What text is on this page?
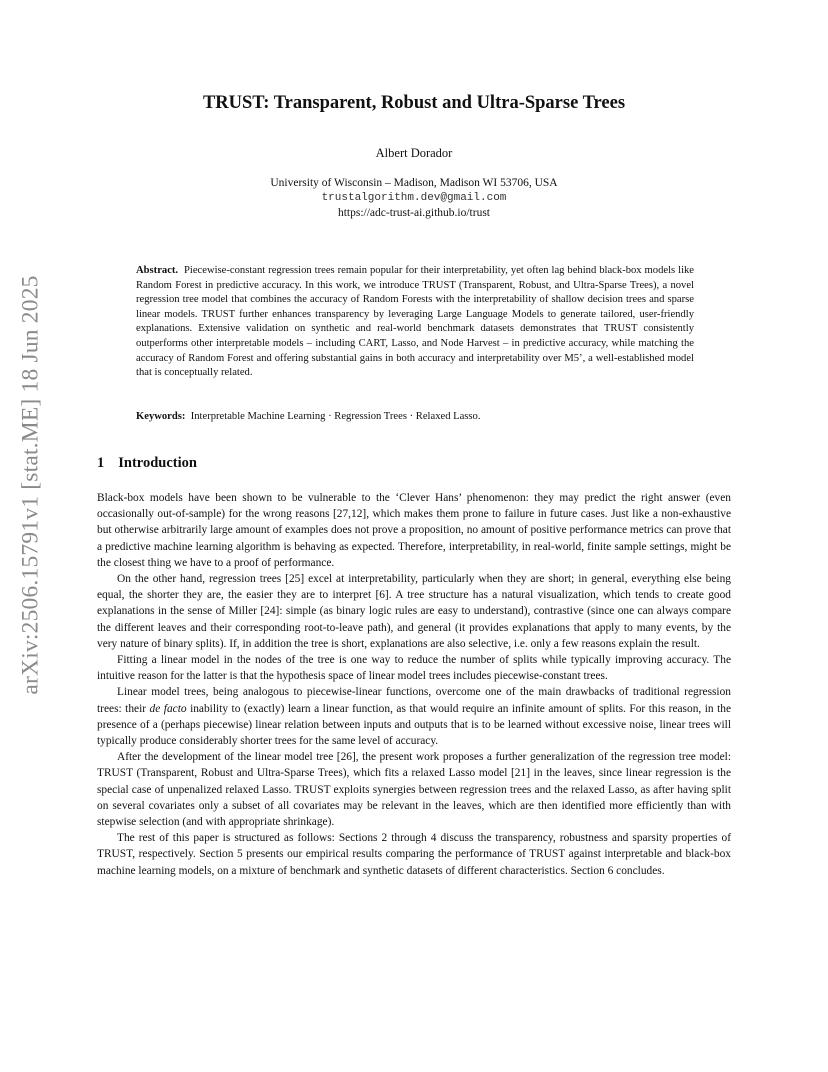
arXiv:2506.15791v1 [stat.ME] 18 Jun 2025
TRUST: Transparent, Robust and Ultra-Sparse Trees
Albert Dorador
University of Wisconsin – Madison, Madison WI 53706, USA
trustalgorithm.dev@gmail.com
https://adc-trust-ai.github.io/trust

Abstract. Piecewise-constant regression trees remain popular for their interpretability, yet often lag behind black-box models like Random Forest in predictive accuracy. In this work, we introduce TRUST (Transparent, Robust, and Ultra-Sparse Trees), a novel regression tree model that combines the accuracy of Random Forests with the interpretability of shallow decision trees and sparse linear models. TRUST further enhances transparency by leveraging Large Language Models to generate tailored, user-friendly explanations. Extensive validation on synthetic and real-world benchmark datasets demonstrates that TRUST consistently outperforms other interpretable models – including CART, Lasso, and Node Harvest – in predictive accuracy, while matching the accuracy of Random Forest and offering substantial gains in both accuracy and interpretability over M5’, a well-established model that is conceptually related.

Keywords: Interpretable Machine Learning · Regression Trees · Relaxed Lasso.

1 Introduction

Black-box models have been shown to be vulnerable to the ‘Clever Hans’ phenomenon: they may predict the right answer (even occasionally out-of-sample) for the wrong reasons [27,12], which makes them prone to failure in future cases. Just like a non-exhaustive but otherwise arbitrarily large amount of examples does not prove a proposition, no amount of positive performance metrics can prove that a predictive machine learning algorithm is behaving as expected. Therefore, interpretability, in real-world, finite sample settings, might be the closest thing we have to a proof of performance.

On the other hand, regression trees [25] excel at interpretability, particularly when they are short; in general, everything else being equal, the shorter they are, the easier they are to interpret [6]. A tree structure has a natural visualization, which tends to create good explanations in the sense of Miller [24]: simple (as binary logic rules are easy to understand), contrastive (since one can always compare the different leaves and their corresponding root-to-leave path), and general (it provides explanations that apply to many events, by the very nature of binary splits). If, in addition the tree is short, explanations are also selective, i.e. only a few reasons explain the result.

Fitting a linear model in the nodes of the tree is one way to reduce the number of splits while typically improving accuracy. The intuitive reason for the latter is that the hypothesis space of linear model trees includes piecewise-constant trees.

Linear model trees, being analogous to piecewise-linear functions, overcome one of the main drawbacks of traditional regression trees: their de facto inability to (exactly) learn a linear function, as that would require an infinite amount of splits. For this reason, in the presence of a (perhaps piecewise) linear relation between inputs and outputs that is to be learned without excessive noise, linear trees will typically produce considerably shorter trees for the same level of accuracy.

After the development of the linear model tree [26], the present work proposes a further generalization of the regression tree model: TRUST (Transparent, Robust and Ultra-Sparse Trees), which fits a relaxed Lasso model [21] in the leaves, since linear regression is the special case of unpenalized relaxed Lasso. TRUST exploits synergies between regression trees and the relaxed Lasso, as after having split on several covariates only a subset of all covariates may be relevant in the leaves, which are then identified more efficiently than with stepwise selection (and with appropriate shrinkage).

The rest of this paper is structured as follows: Sections 2 through 4 discuss the transparency, robustness and sparsity properties of TRUST, respectively. Section 5 presents our empirical results comparing the performance of TRUST against interpretable and black-box machine learning models, on a mixture of benchmark and synthetic datasets of different characteristics. Section 6 concludes.
